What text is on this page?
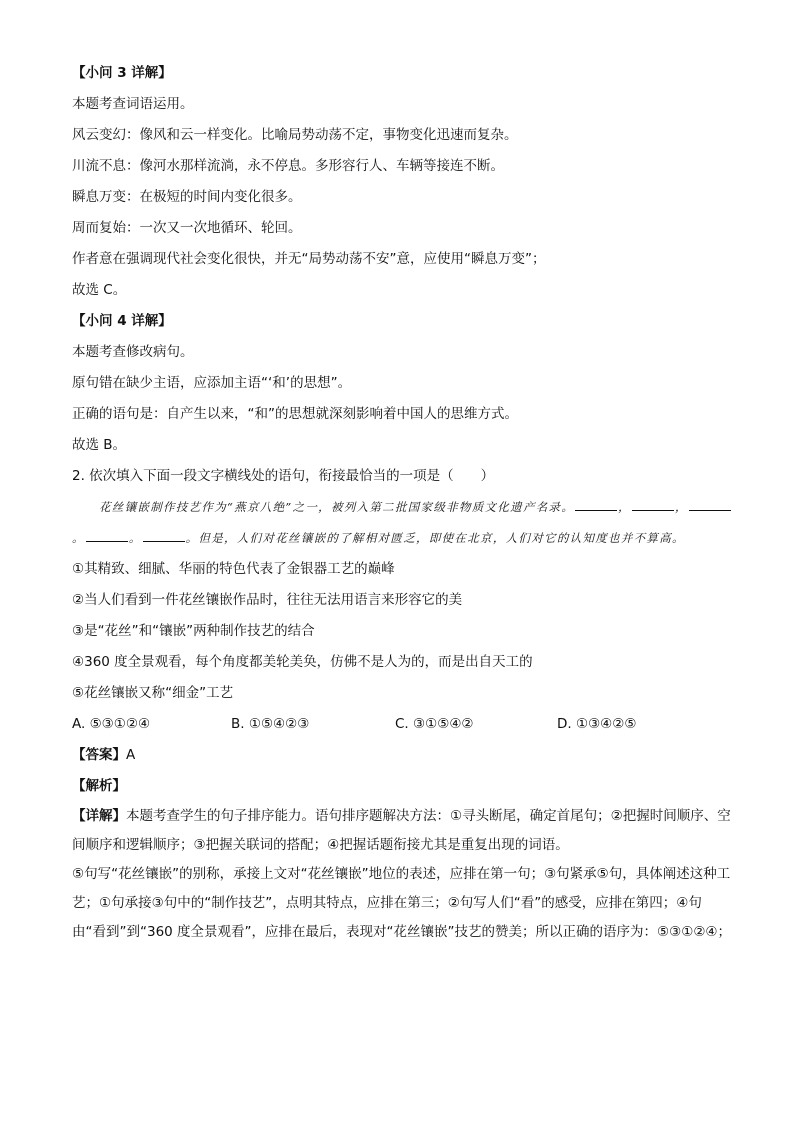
【小问 3 详解】
本题考查词语运用。
风云变幻：像风和云一样变化。比喻局势动荡不定，事物变化迅速而复杂。
川流不息：像河水那样流淌，永不停息。多形容行人、车辆等接连不断。
瞬息万变：在极短的时间内变化很多。
周而复始：一次又一次地循环、轮回。
作者意在强调现代社会变化很快，并无“局势动荡不安”意，应使用“瞬息万变”；
故选 C。
【小问 4 详解】
本题考查修改病句。
原句错在缺少主语，应添加主语“‘和’的思想”。
正确的语句是：自产生以来，“和”的思想就深刻影响着中国人的思维方式。
故选 B。
2. 依次填入下面一段文字横线处的语句，衔接最恰当的一项是（　　）
花丝镶嵌制作技艺作为“燕京八绝”之一，被列入第二批国家级非物质文化遗产名录。	，	，。	。	。但是，人们对花丝镶嵌的了解相对匮乏，即使在北京，人们对它的认知度也并不算高。
①其精致、细腻、华丽的特色代表了金银器工艺的巅峰
②当人们看到一件花丝镶嵌作品时，往往无法用语言来形容它的美
③是“花丝”和“镶嵌”两种制作技艺的结合
④360 度全景观看，每个角度都美轮美奂，仿佛不是人为的，而是出自天工的
⑤花丝镶嵌又称“细金”工艺
A. ⑤③①②④	B. ①⑤④②③	C. ③①⑤④②	D. ①③④②⑤
【答案】A
【解析】
【详解】本题考查学生的句子排序能力。语句排序题解决方法：①寻头断尾，确定首尾句；②把握时间顺序、空间顺序和逻辑顺序；③把握关联词的搭配；④把握话题衔接尤其是重复出现的词语。
⑤句写“花丝镶嵌”的别称，承接上文对“花丝镶嵌”地位的表述，应排在第一句；③句紧承⑤句，具体阐述这种工艺；①句承接③句中的“制作技艺”，点明其特点，应排在第三；②句写人们“看”的感受，应排在第四；④句由“看到”到“360 度全景观看”，应排在最后，表现对“花丝镶嵌”技艺的赞美；所以正确的语序为：⑤③①②④；
